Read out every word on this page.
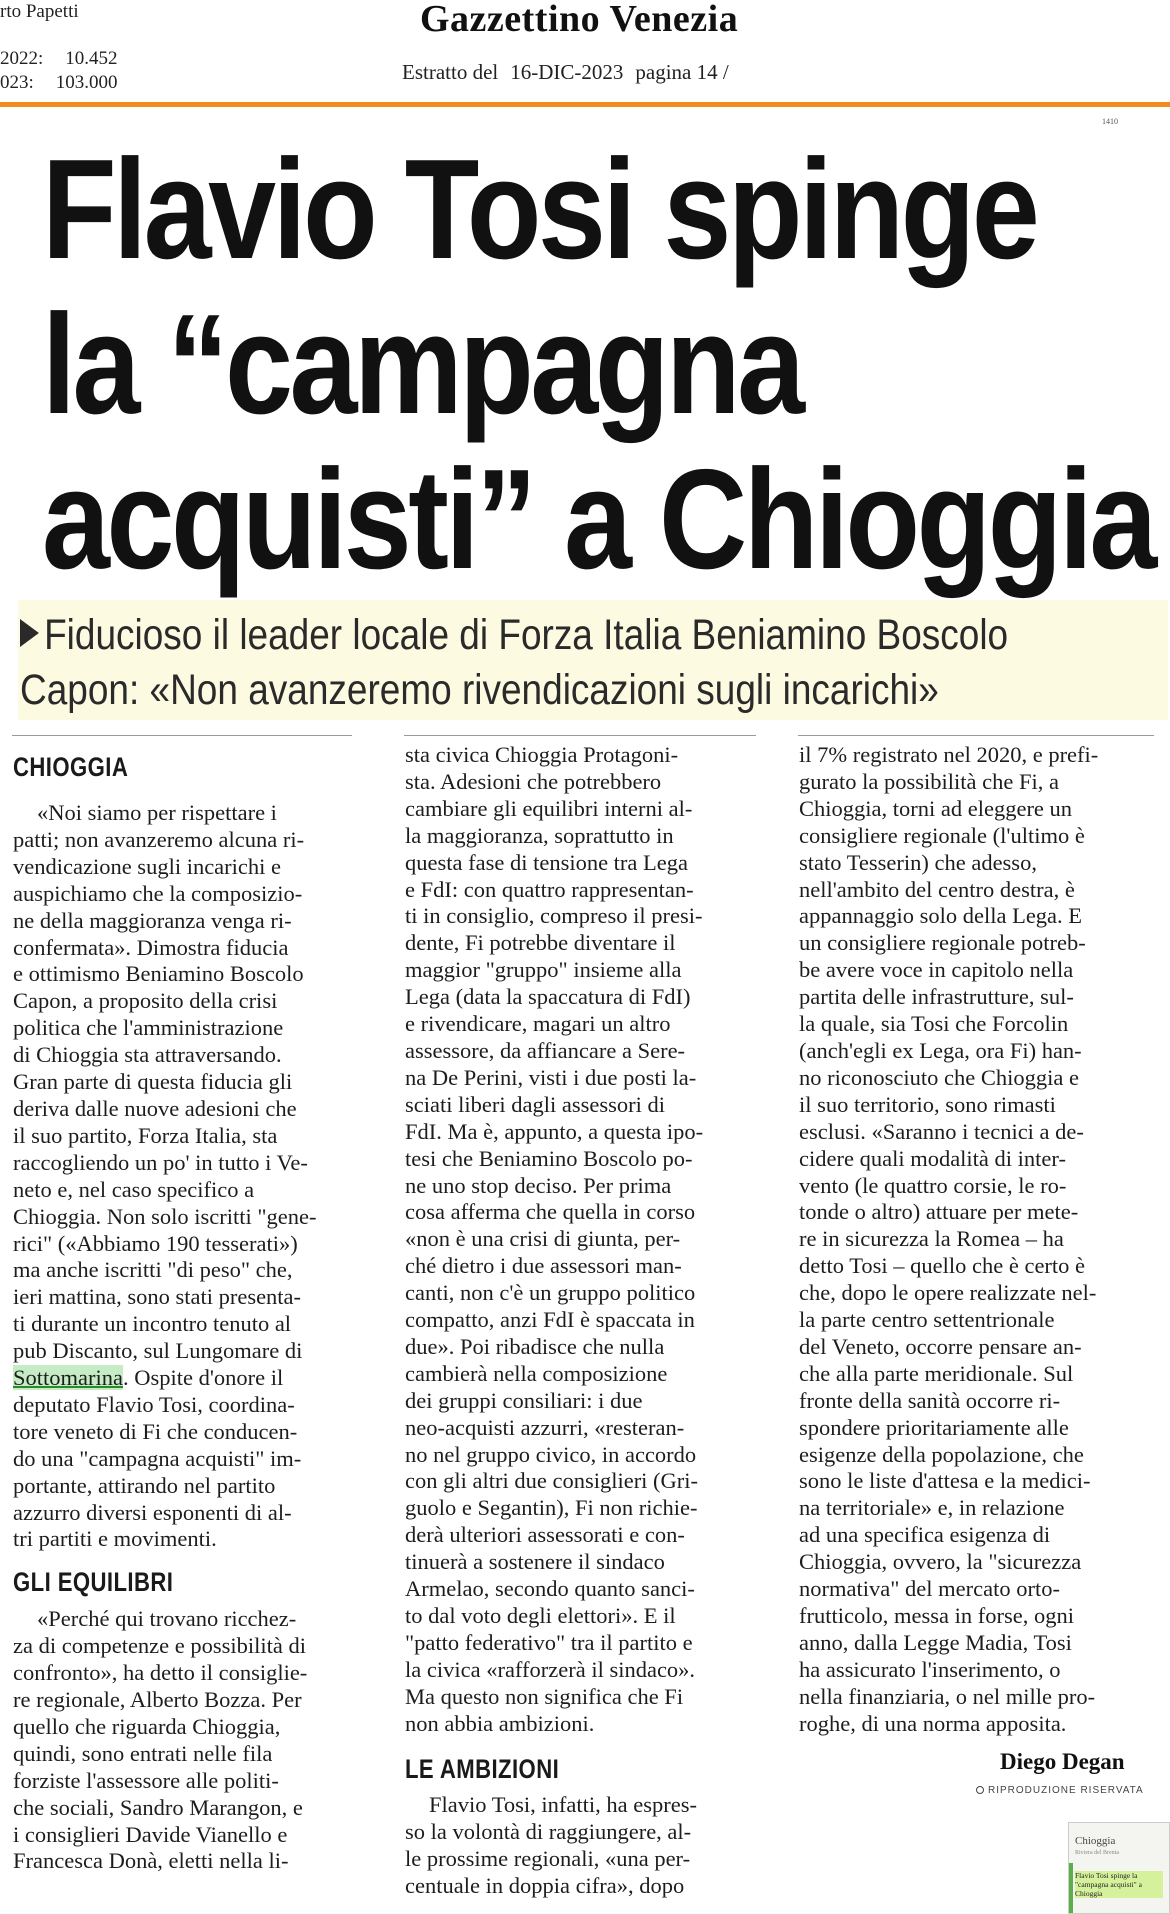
rto Papetti
2022: 10.452
023: 103.000
Gazzettino Venezia
Estratto del 16-DIC-2023 pagina 14 /
1410
Flavio Tosi spinge
la “campagna
acquisti” a Chioggia
Fiducioso il leader locale di Forza Italia Beniamino Boscolo
Capon: «Non avanzeremo rivendicazioni sugli incarichi»
CHIOGGIA

«Noi siamo per rispettare i

patti; non avanzeremo alcuna ri-

vendicazione sugli incarichi e

auspichiamo che la composizio-

ne della maggioranza venga ri-

confermata». Dimostra fiducia

e ottimismo Beniamino Boscolo

Capon, a proposito della crisi

politica che l'amministrazione

di Chioggia sta attraversando.

Gran parte di questa fiducia gli

deriva dalle nuove adesioni che

il suo partito, Forza Italia, sta

raccogliendo un po' in tutto i Ve-

neto e, nel caso specifico a

Chioggia. Non solo iscritti "gene-

rici" («Abbiamo 190 tesserati»)

ma anche iscritti "di peso" che,

ieri mattina, sono stati presenta-

ti durante un incontro tenuto al

pub Discanto, sul Lungomare di

Sottomarina. Ospite d'onore il

deputato Flavio Tosi, coordina-

tore veneto di Fi che conducen-

do una "campagna acquisti" im-

portante, attirando nel partito

azzurro diversi esponenti di al-

tri partiti e movimenti.

GLI EQUILIBRI

«Perché qui trovano ricchez-

za di competenze e possibilità di

confronto», ha detto il consiglie-

re regionale, Alberto Bozza. Per

quello che riguarda Chioggia,

quindi, sono entrati nelle fila

forziste l'assessore alle politi-

che sociali, Sandro Marangon, e

i consiglieri Davide Vianello e

Francesca Donà, eletti nella li-

sta civica Chioggia Protagoni-

sta. Adesioni che potrebbero

cambiare gli equilibri interni al-

la maggioranza, soprattutto in

questa fase di tensione tra Lega

e FdI: con quattro rappresentan-

ti in consiglio, compreso il presi-

dente, Fi potrebbe diventare il

maggior "gruppo" insieme alla

Lega (data la spaccatura di FdI)

e rivendicare, magari un altro

assessore, da affiancare a Sere-

na De Perini, visti i due posti la-

sciati liberi dagli assessori di

FdI. Ma è, appunto, a questa ipo-

tesi che Beniamino Boscolo po-

ne uno stop deciso. Per prima

cosa afferma che quella in corso

«non è una crisi di giunta, per-

ché dietro i due assessori man-

canti, non c'è un gruppo politico

compatto, anzi FdI è spaccata in

due». Poi ribadisce che nulla

cambierà nella composizione

dei gruppi consiliari: i due

neo-acquisti azzurri, «resteran-

no nel gruppo civico, in accordo

con gli altri due consiglieri (Gri-

guolo e Segantin), Fi non richie-

derà ulteriori assessorati e con-

tinuerà a sostenere il sindaco

Armelao, secondo quanto sanci-

to dal voto degli elettori». E il

"patto federativo" tra il partito e

la civica «rafforzerà il sindaco».

Ma questo non significa che Fi

non abbia ambizioni.

LE AMBIZIONI

Flavio Tosi, infatti, ha espres-

so la volontà di raggiungere, al-

le prossime regionali, «una per-

centuale in doppia cifra», dopo

il 7% registrato nel 2020, e prefi-

gurato la possibilità che Fi, a

Chioggia, torni ad eleggere un

consigliere regionale (l'ultimo è

stato Tesserin) che adesso,

nell'ambito del centro destra, è

appannaggio solo della Lega. E

un consigliere regionale potreb-

be avere voce in capitolo nella

partita delle infrastrutture, sul-

la quale, sia Tosi che Forcolin

(anch'egli ex Lega, ora Fi) han-

no riconosciuto che Chioggia e

il suo territorio, sono rimasti

esclusi. «Saranno i tecnici a de-

cidere quali modalità di inter-

vento (le quattro corsie, le ro-

tonde o altro) attuare per mete-

re in sicurezza la Romea – ha

detto Tosi – quello che è certo è

che, dopo le opere realizzate nel-

la parte centro settentrionale

del Veneto, occorre pensare an-

che alla parte meridionale. Sul

fronte della sanità occorre ri-

spondere prioritariamente alle

esigenze della popolazione, che

sono le liste d'attesa e la medici-

na territoriale» e, in relazione

ad una specifica esigenza di

Chioggia, ovvero, la "sicurezza

normativa" del mercato orto-

frutticolo, messa in forse, ogni

anno, dalla Legge Madia, Tosi

ha assicurato l'inserimento, o

nella finanziaria, o nel mille pro-

roghe, di una norma apposita.

Diego Degan
RIPRODUZIONE RISERVATA
Chioggia
Riviera del Brenta
Flavio Tosi spinge la "campagna acquisti" a Chioggia
